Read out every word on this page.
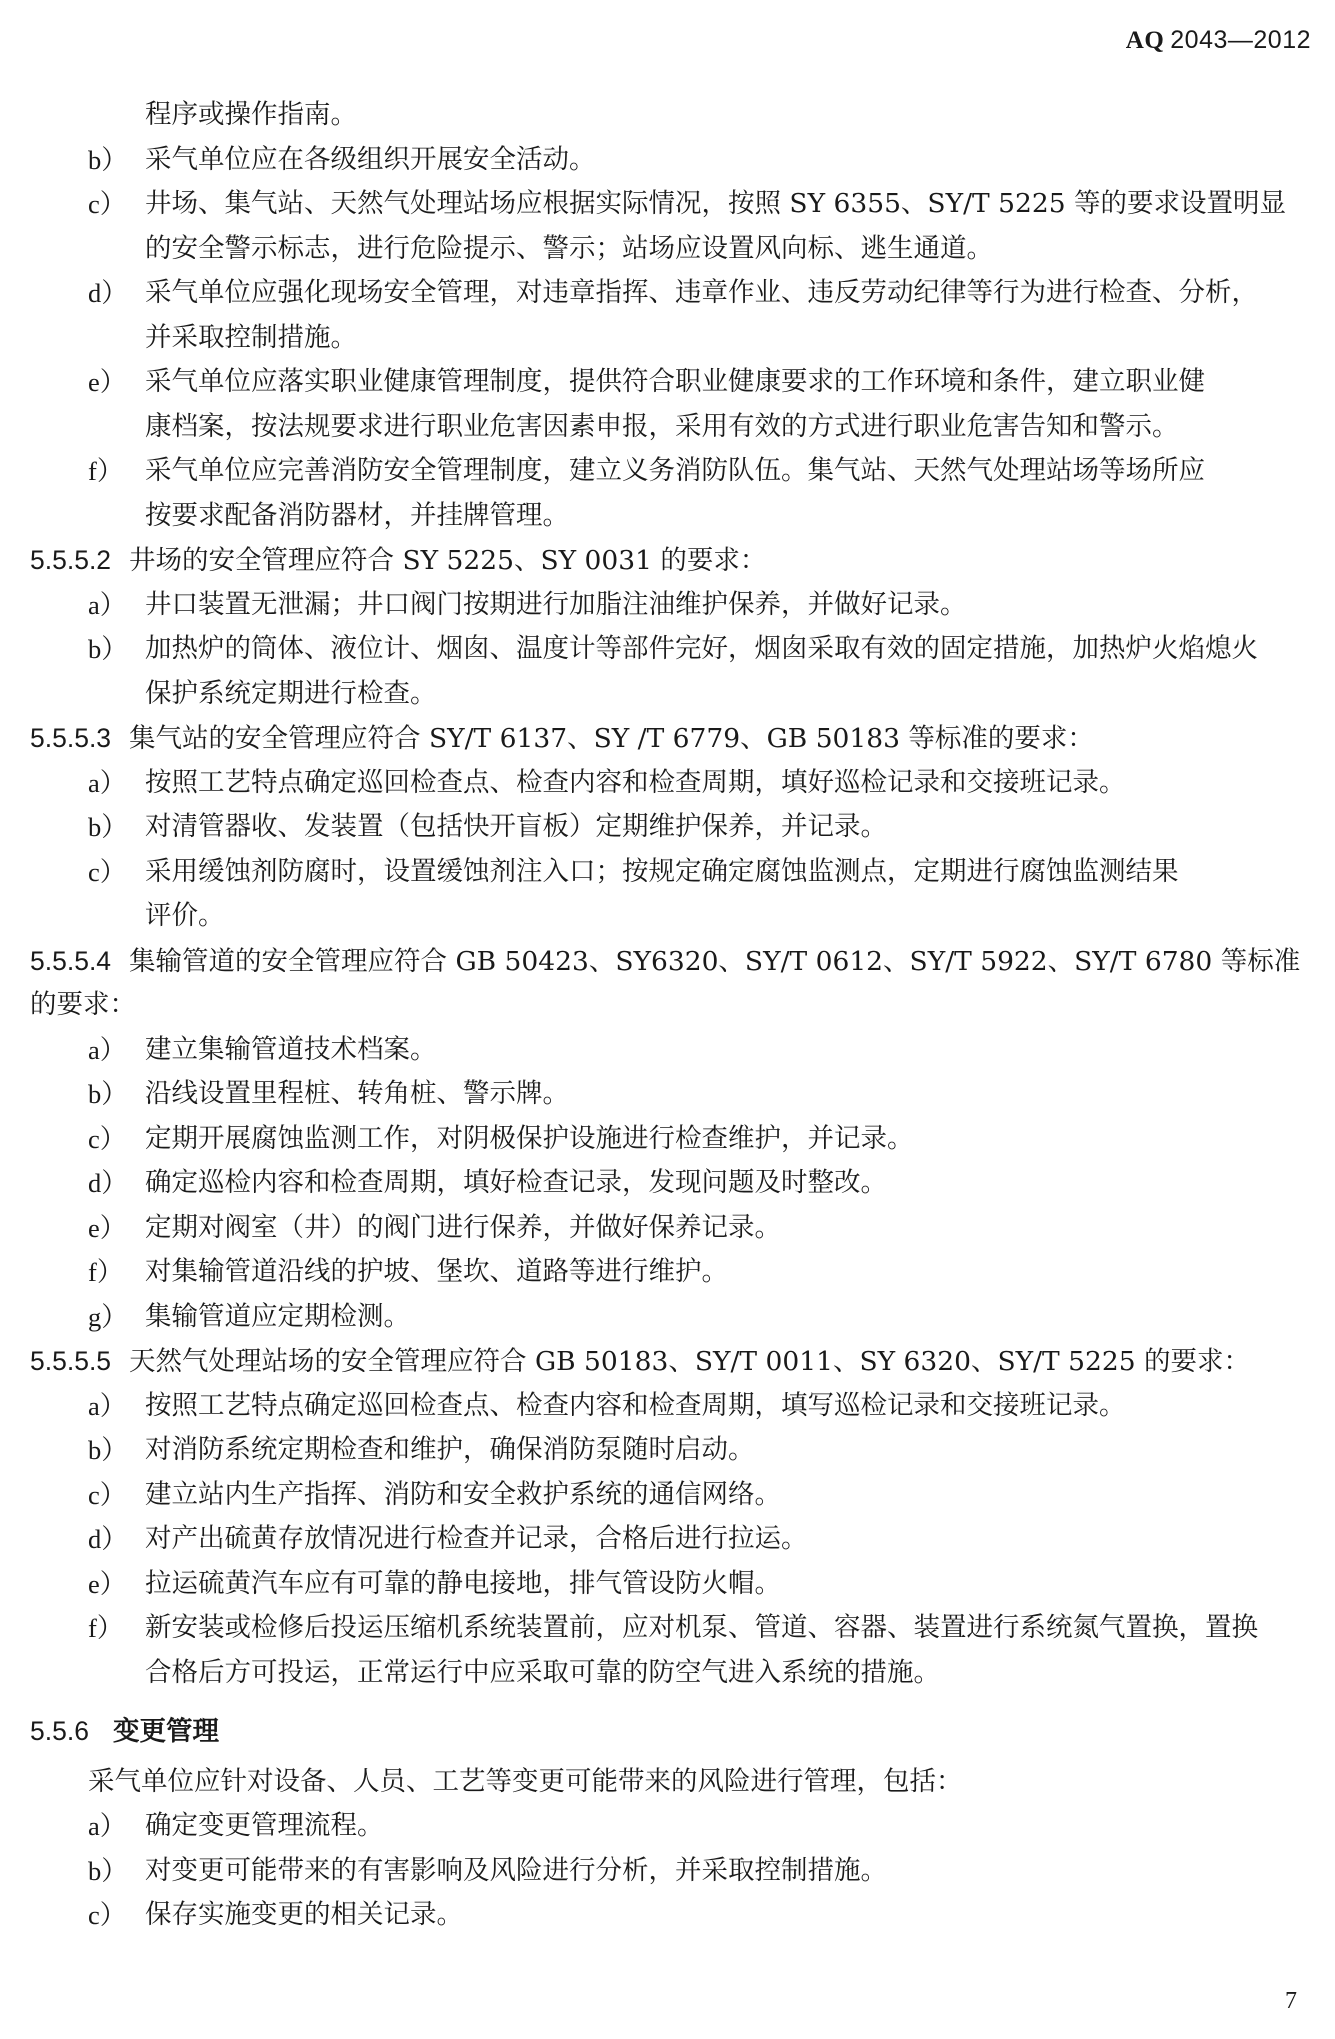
AQ 2043—2012
程序或操作指南。
b） 采气单位应在各级组织开展安全活动。
c） 井场、集气站、天然气处理站场应根据实际情况，按照 SY 6355、SY/T 5225 等的要求设置明显
的安全警示标志，进行危险提示、警示；站场应设置风向标、逃生通道。
d） 采气单位应强化现场安全管理，对违章指挥、违章作业、违反劳动纪律等行为进行检查、分析，
并采取控制措施。
e） 采气单位应落实职业健康管理制度，提供符合职业健康要求的工作环境和条件，建立职业健
康档案，按法规要求进行职业危害因素申报，采用有效的方式进行职业危害告知和警示。
f） 采气单位应完善消防安全管理制度，建立义务消防队伍。集气站、天然气处理站场等场所应
按要求配备消防器材，并挂牌管理。
5.5.5.2 井场的安全管理应符合 SY 5225、SY 0031 的要求：
a） 井口装置无泄漏；井口阀门按期进行加脂注油维护保养，并做好记录。
b） 加热炉的筒体、液位计、烟囱、温度计等部件完好，烟囱采取有效的固定措施，加热炉火焰熄火
保护系统定期进行检查。
5.5.5.3 集气站的安全管理应符合 SY/T 6137、SY /T 6779、GB 50183 等标准的要求：
a） 按照工艺特点确定巡回检查点、检查内容和检查周期，填好巡检记录和交接班记录。
b） 对清管器收、发装置（包括快开盲板）定期维护保养，并记录。
c） 采用缓蚀剂防腐时，设置缓蚀剂注入口；按规定确定腐蚀监测点，定期进行腐蚀监测结果
评价。
5.5.5.4 集输管道的安全管理应符合 GB 50423、SY6320、SY/T 0612、SY/T 5922、SY/T 6780 等标准
的要求：
a） 建立集输管道技术档案。
b） 沿线设置里程桩、转角桩、警示牌。
c） 定期开展腐蚀监测工作，对阴极保护设施进行检查维护，并记录。
d） 确定巡检内容和检查周期，填好检查记录，发现问题及时整改。
e） 定期对阀室（井）的阀门进行保养，并做好保养记录。
f） 对集输管道沿线的护坡、堡坎、道路等进行维护。
g） 集输管道应定期检测。
5.5.5.5 天然气处理站场的安全管理应符合 GB 50183、SY/T 0011、SY 6320、SY/T 5225 的要求：
a） 按照工艺特点确定巡回检查点、检查内容和检查周期，填写巡检记录和交接班记录。
b） 对消防系统定期检查和维护，确保消防泵随时启动。
c） 建立站内生产指挥、消防和安全救护系统的通信网络。
d） 对产出硫黄存放情况进行检查并记录，合格后进行拉运。
e） 拉运硫黄汽车应有可靠的静电接地，排气管设防火帽。
f） 新安装或检修后投运压缩机系统装置前，应对机泵、管道、容器、装置进行系统氮气置换，置换
合格后方可投运，正常运行中应采取可靠的防空气进入系统的措施。
5.5.6 变更管理
采气单位应针对设备、人员、工艺等变更可能带来的风险进行管理，包括：
a） 确定变更管理流程。
b） 对变更可能带来的有害影响及风险进行分析，并采取控制措施。
c） 保存实施变更的相关记录。
7
